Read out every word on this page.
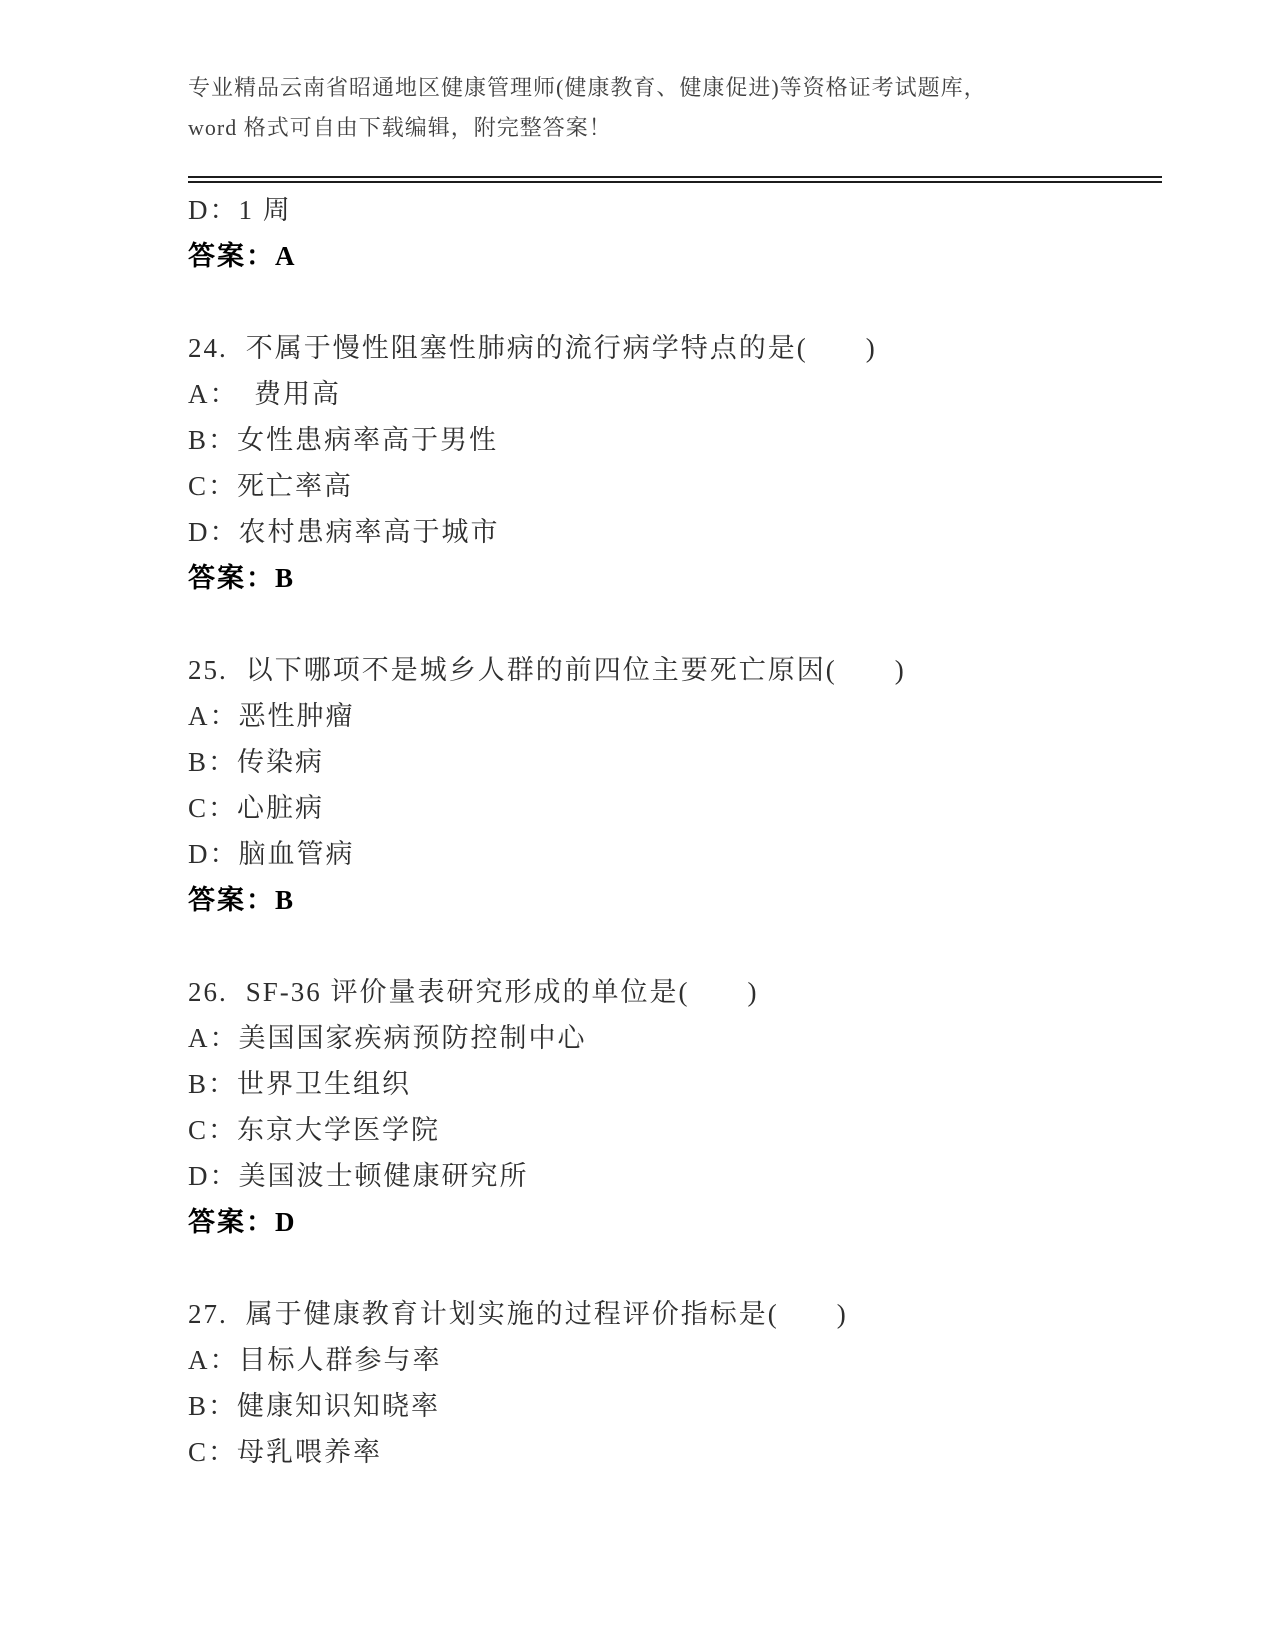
专业精品云南省昭通地区健康管理师(健康教育、健康促进)等资格证考试题库，
word 格式可自由下载编辑，附完整答案！
D：1 周
答案：A
24. 不属于慢性阻塞性肺病的流行病学特点的是(　　)
A：　费用高
B：女性患病率高于男性
C：死亡率高
D：农村患病率高于城市
答案：B
25. 以下哪项不是城乡人群的前四位主要死亡原因(　　)
A：恶性肿瘤
B：传染病
C：心脏病
D：脑血管病
答案：B
26. SF-36 评价量表研究形成的单位是(　　)
A：美国国家疾病预防控制中心
B：世界卫生组织
C：东京大学医学院
D：美国波士顿健康研究所
答案：D
27. 属于健康教育计划实施的过程评价指标是(　　)
A：目标人群参与率
B：健康知识知晓率
C：母乳喂养率
